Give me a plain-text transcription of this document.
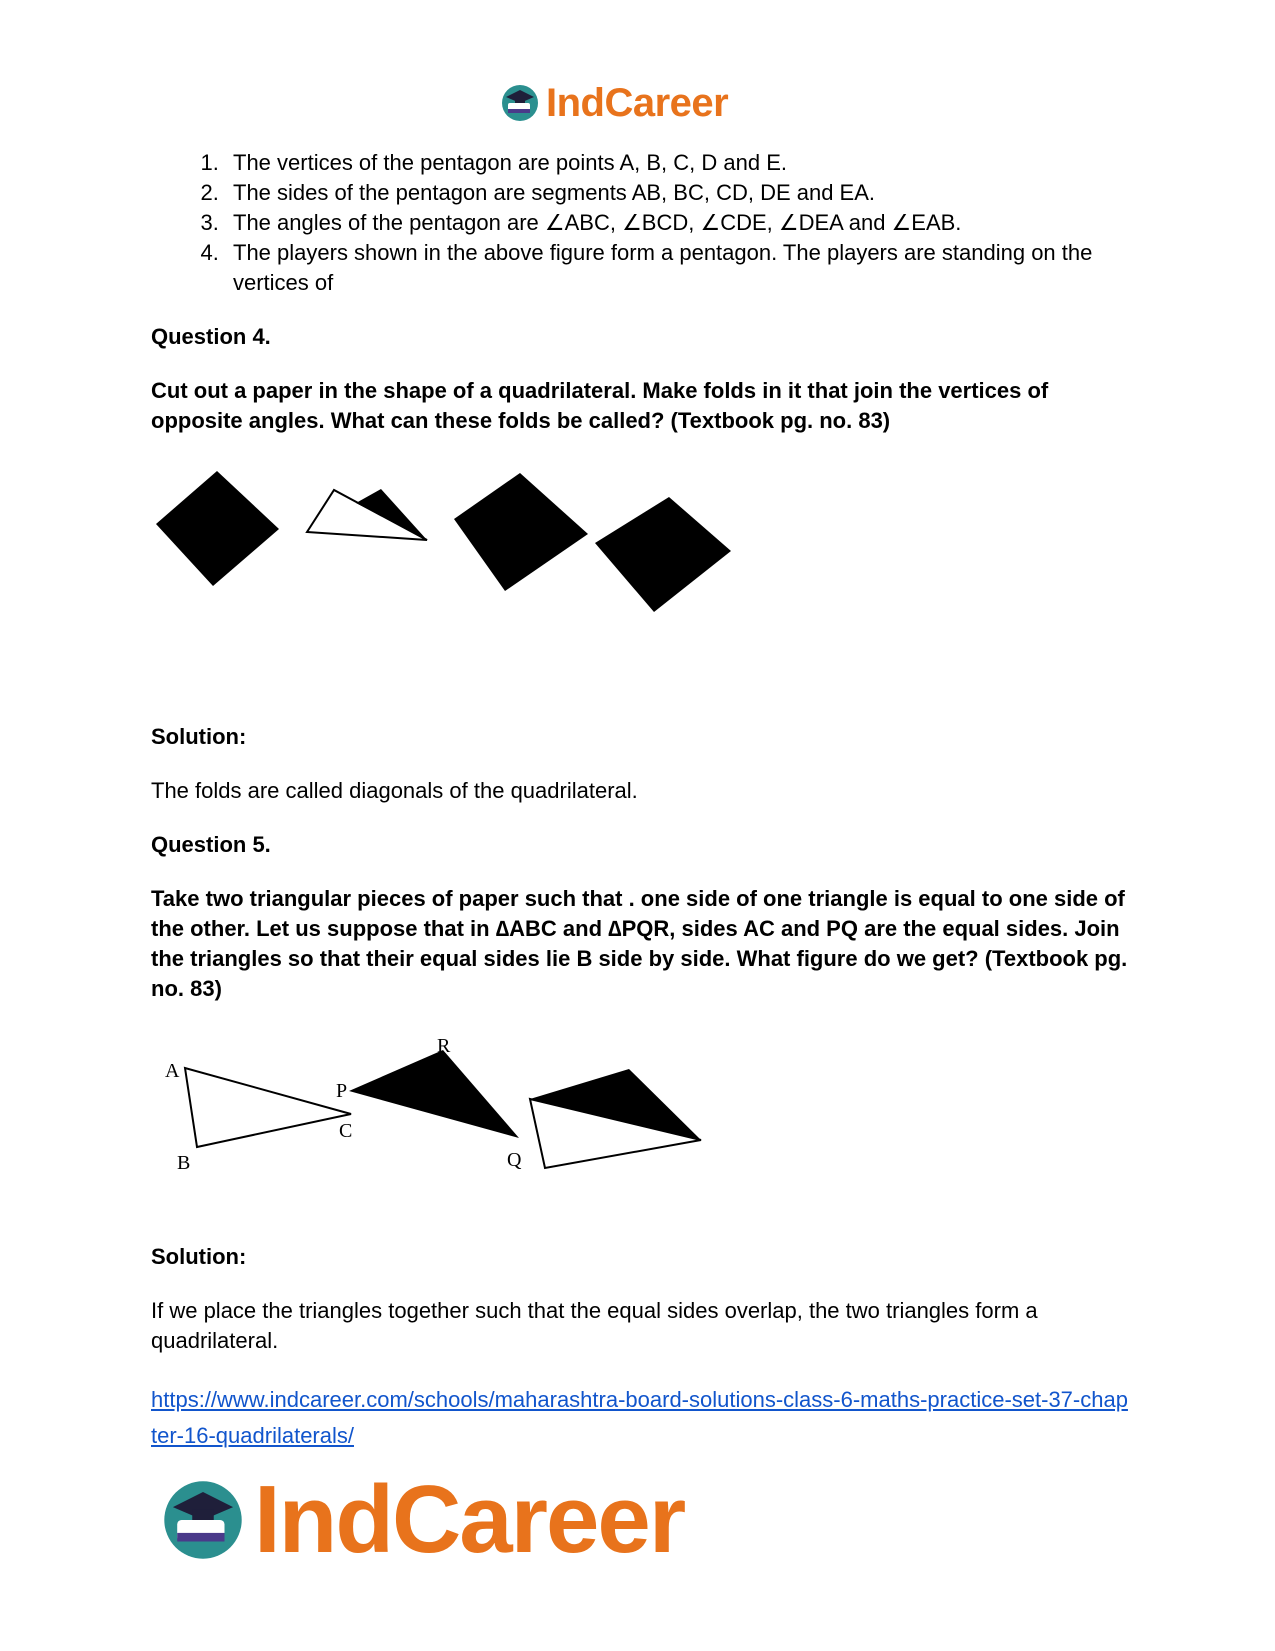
IndCareer
1. The vertices of the pentagon are points A, B, C, D and E.
2. The sides of the pentagon are segments AB, BC, CD, DE and EA.
3. The angles of the pentagon are ∠ABC, ∠BCD, ∠CDE, ∠DEA and ∠EAB.
4. The players shown in the above figure form a pentagon. The players are standing on the vertices of
Question 4.
Cut out a paper in the shape of a quadrilateral. Make folds in it that join the vertices of opposite angles. What can these folds be called? (Textbook pg. no. 83)
Solution:
The folds are called diagonals of the quadrilateral.
Question 5.
Take two triangular pieces of paper such that . one side of one triangle is equal to one side of the other. Let us suppose that in ∆ABC and ∆PQR, sides AC and PQ are the equal sides. Join the triangles so that their equal sides lie B side by side. What figure do we get? (Textbook pg. no. 83)
A
B
C
P
R
Q
Solution:
If we place the triangles together such that the equal sides overlap, the two triangles form a quadrilateral.
https://www.indcareer.com/schools/maharashtra-board-solutions-class-6-maths-practice-set-37-chapter-16-quadrilaterals/
IndCareer
